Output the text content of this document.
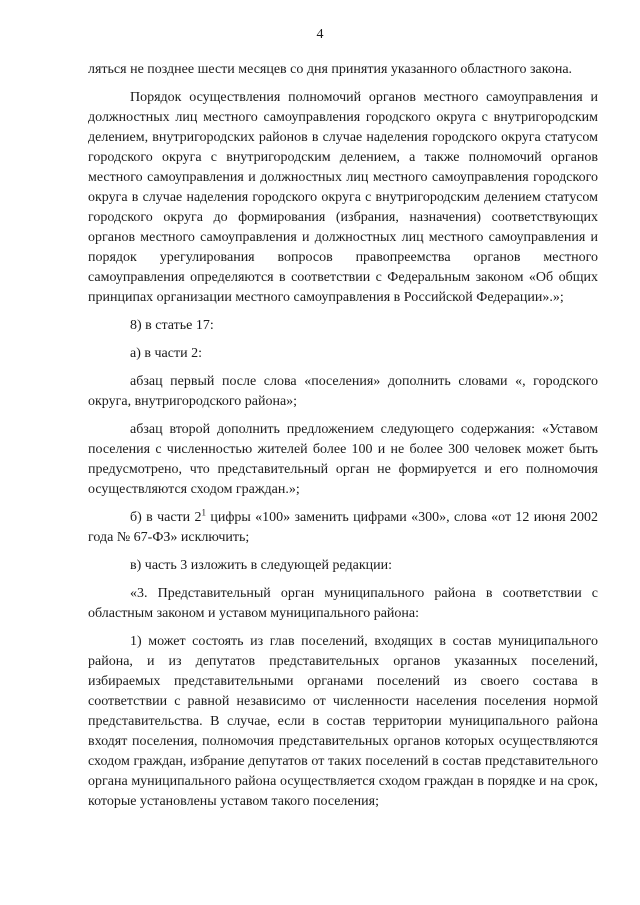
4

ляться не позднее шести месяцев со дня принятия указанного областного закона.

Порядок осуществления полномочий органов местного самоуправления и должностных лиц местного самоуправления городского округа с внутригородским делением, внутригородских районов в случае наделения городского округа статусом городского округа с внутригородским делением, а также полномочий органов местного самоуправления и должностных лиц местного самоуправления городского округа в случае наделения городского округа с внутригородским делением статусом городского округа до формирования (избрания, назначения) соответствующих органов местного самоуправления и должностных лиц местного самоуправления и порядок урегулирования вопросов правопреемства органов местного самоуправления определяются в соответствии с Федеральным законом «Об общих принципах организации местного самоуправления в Российской Федерации».»;

8) в статье 17:

а) в части 2:

абзац первый после слова «поселения» дополнить словами «, городского округа, внутригородского района»;

абзац второй дополнить предложением следующего содержания: «Уставом поселения с численностью жителей более 100 и не более 300 человек может быть предусмотрено, что представительный орган не формируется и его полномочия осуществляются сходом граждан.»;

б) в части $2^1$ цифры «100» заменить цифрами «300», слова «от 12 июня 2002 года № 67-ФЗ» исключить;

в) часть 3 изложить в следующей редакции:

«3. Представительный орган муниципального района в соответствии с областным законом и уставом муниципального района:

1) может состоять из глав поселений, входящих в состав муниципального района, и из депутатов представительных органов указанных поселений, избираемых представительными органами поселений из своего состава в соответствии с равной независимо от численности населения поселения нормой представительства. В случае, если в состав территории муниципального района входят поселения, полномочия представительных органов которых осуществляются сходом граждан, избрание депутатов от таких поселений в состав представительного органа муниципального района осуществляется сходом граждан в порядке и на срок, которые установлены уставом такого поселения;
